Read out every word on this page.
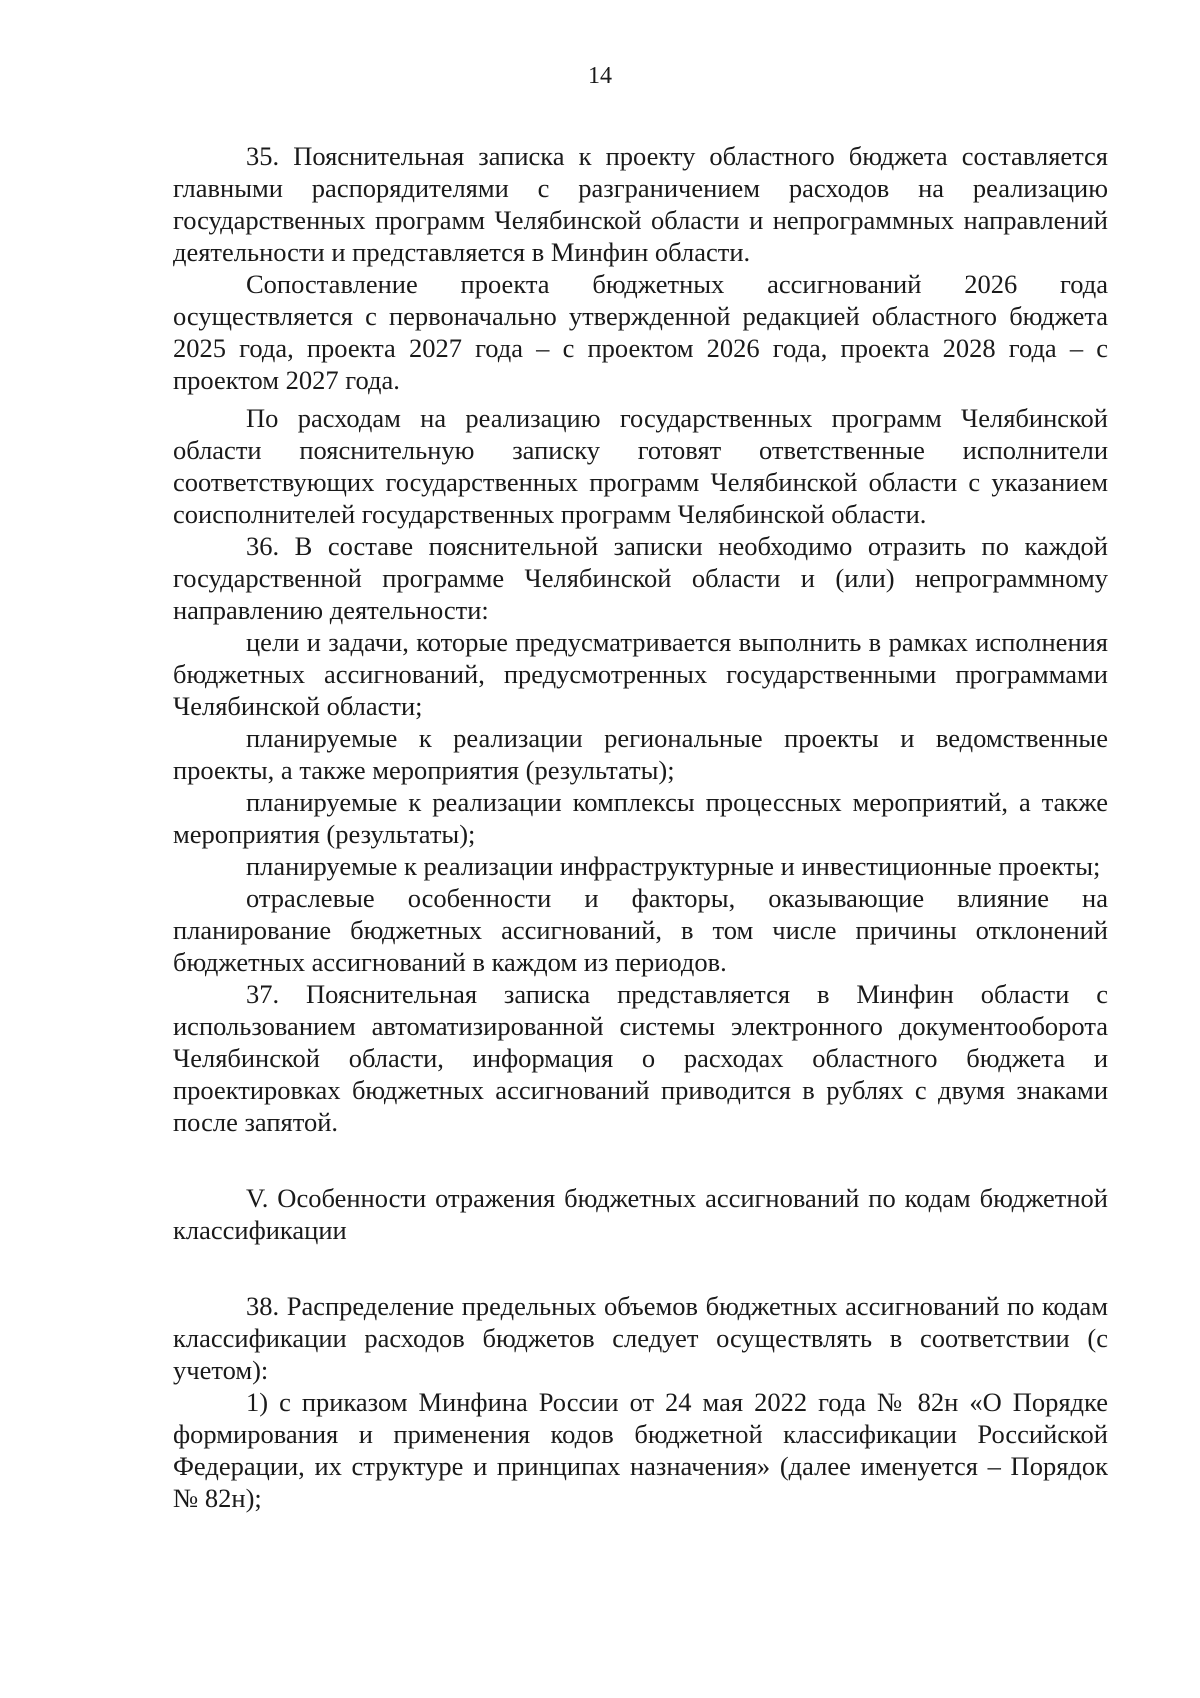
14

35. Пояснительная записка к проекту областного бюджета составляется главными распорядителями с разграничением расходов на реализацию государственных программ Челябинской области и непрограммных направлений деятельности и представляется в Минфин области.

Сопоставление проекта бюджетных ассигнований 2026 года осуществляется с первоначально утвержденной редакцией областного бюджета 2025 года, проекта 2027 года – с проектом 2026 года, проекта 2028 года – с проектом 2027 года.

По расходам на реализацию государственных программ Челябинской области пояснительную записку готовят ответственные исполнители соответствующих государственных программ Челябинской области с указанием соисполнителей государственных программ Челябинской области.

36. В составе пояснительной записки необходимо отразить по каждой государственной программе Челябинской области и (или) непрограммному направлению деятельности:

цели и задачи, которые предусматривается выполнить в рамках исполнения бюджетных ассигнований, предусмотренных государственными программами Челябинской области;

планируемые к реализации региональные проекты и ведомственные проекты, а также мероприятия (результаты);

планируемые к реализации комплексы процессных мероприятий, а также мероприятия (результаты);

планируемые к реализации инфраструктурные и инвестиционные проекты;

отраслевые особенности и факторы, оказывающие влияние на планирование бюджетных ассигнований, в том числе причины отклонений бюджетных ассигнований в каждом из периодов.

37. Пояснительная записка представляется в Минфин области с использованием автоматизированной системы электронного документооборота Челябинской области, информация о расходах областного бюджета и проектировках бюджетных ассигнований приводится в рублях с двумя знаками после запятой.

V. Особенности отражения бюджетных ассигнований по кодам бюджетной классификации

38. Распределение предельных объемов бюджетных ассигнований по кодам классификации расходов бюджетов следует осуществлять в соответствии (с учетом):

1) с приказом Минфина России от 24 мая 2022 года № 82н «О Порядке формирования и применения кодов бюджетной классификации Российской Федерации, их структуре и принципах назначения» (далее именуется – Порядок № 82н);
